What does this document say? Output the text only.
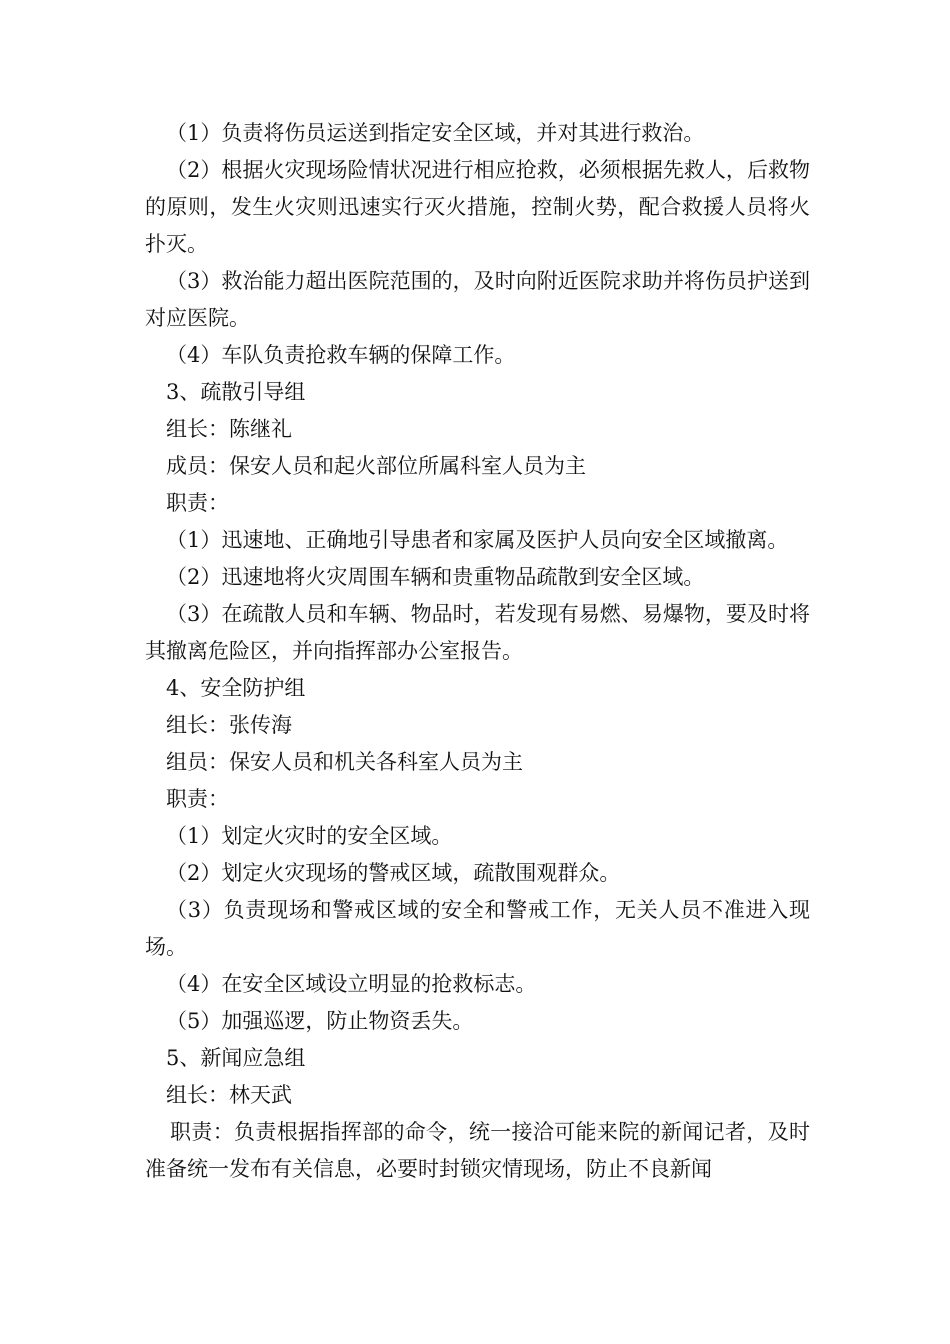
（1）负责将伤员运送到指定安全区域，并对其进行救治。

（2）根据火灾现场险情状况进行相应抢救，必须根据先救人，后救物的原则，发生火灾则迅速实行灭火措施，控制火势，配合救援人员将火扑灭。

（3）救治能力超出医院范围的，及时向附近医院求助并将伤员护送到对应医院。

（4）车队负责抢救车辆的保障工作。

3、疏散引导组

组长：陈继礼

成员：保安人员和起火部位所属科室人员为主

职责：

（1）迅速地、正确地引导患者和家属及医护人员向安全区域撤离。

（2）迅速地将火灾周围车辆和贵重物品疏散到安全区域。

（3）在疏散人员和车辆、物品时，若发现有易燃、易爆物，要及时将其撤离危险区，并向指挥部办公室报告。

4、安全防护组

组长：张传海

组员：保安人员和机关各科室人员为主

职责：

（1）划定火灾时的安全区域。

（2）划定火灾现场的警戒区域，疏散围观群众。

（3）负责现场和警戒区域的安全和警戒工作，无关人员不准进入现场。

（4）在安全区域设立明显的抢救标志。

（5）加强巡逻，防止物资丢失。

5、新闻应急组

组长：林天武

职责：负责根据指挥部的命令，统一接洽可能来院的新闻记者，及时准备统一发布有关信息，必要时封锁灾情现场，防止不良新闻
